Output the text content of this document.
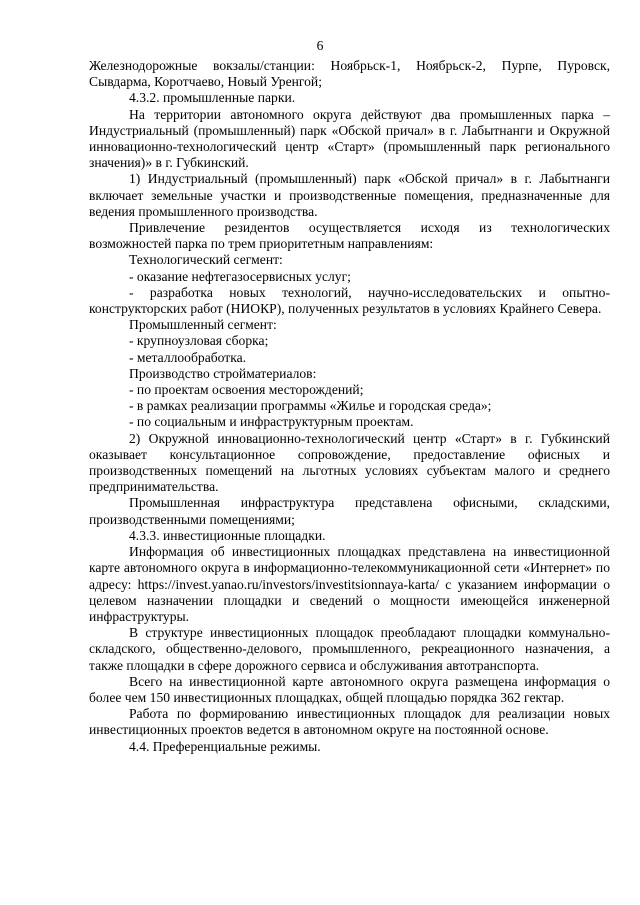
6

Железнодорожные вокзалы/станции: Ноябрьск-1, Ноябрьск-2, Пурпе, Пуровск, Сывдарма, Коротчаево, Новый Уренгой;

4.3.2. промышленные парки.

На территории автономного округа действуют два промышленных парка – Индустриальный (промышленный) парк «Обской причал» в г. Лабытнанги и Окружной инновационно-технологический центр «Старт» (промышленный парк регионального значения)» в г. Губкинский.

1) Индустриальный (промышленный) парк «Обской причал» в г. Лабытнанги включает земельные участки и производственные помещения, предназначенные для ведения промышленного производства.

Привлечение резидентов осуществляется исходя из технологических возможностей парка по трем приоритетным направлениям:

Технологический сегмент:

- оказание нефтегазосервисных услуг;

- разработка новых технологий, научно-исследовательских и опытно-конструкторских работ (НИОКР), полученных результатов в условиях Крайнего Севера.

Промышленный сегмент:

- крупноузловая сборка;

- металлообработка.

Производство стройматериалов:

- по проектам освоения месторождений;

- в рамках реализации программы «Жилье и городская среда»;

- по социальным и инфраструктурным проектам.

2) Окружной инновационно-технологический центр «Старт» в г. Губкинский оказывает консультационное сопровождение, предоставление офисных и производственных помещений на льготных условиях субъектам малого и среднего предпринимательства.

Промышленная инфраструктура представлена офисными, складскими, производственными помещениями;

4.3.3. инвестиционные площадки.

Информация об инвестиционных площадках представлена на инвестиционной карте автономного округа в информационно-телекоммуникационной сети «Интернет» по адресу: https://invest.yanao.ru/investors/investitsionnaya-karta/ с указанием информации о целевом назначении площадки и сведений о мощности имеющейся инженерной инфраструктуры.

В структуре инвестиционных площадок преобладают площадки коммунально-складского, общественно-делового, промышленного, рекреационного назначения, а также площадки в сфере дорожного сервиса и обслуживания автотранспорта.

Всего на инвестиционной карте автономного округа размещена информация о более чем 150 инвестиционных площадках, общей площадью порядка 362 гектар.

Работа по формированию инвестиционных площадок для реализации новых инвестиционных проектов ведется в автономном округе на постоянной основе.

4.4. Преференциальные режимы.
